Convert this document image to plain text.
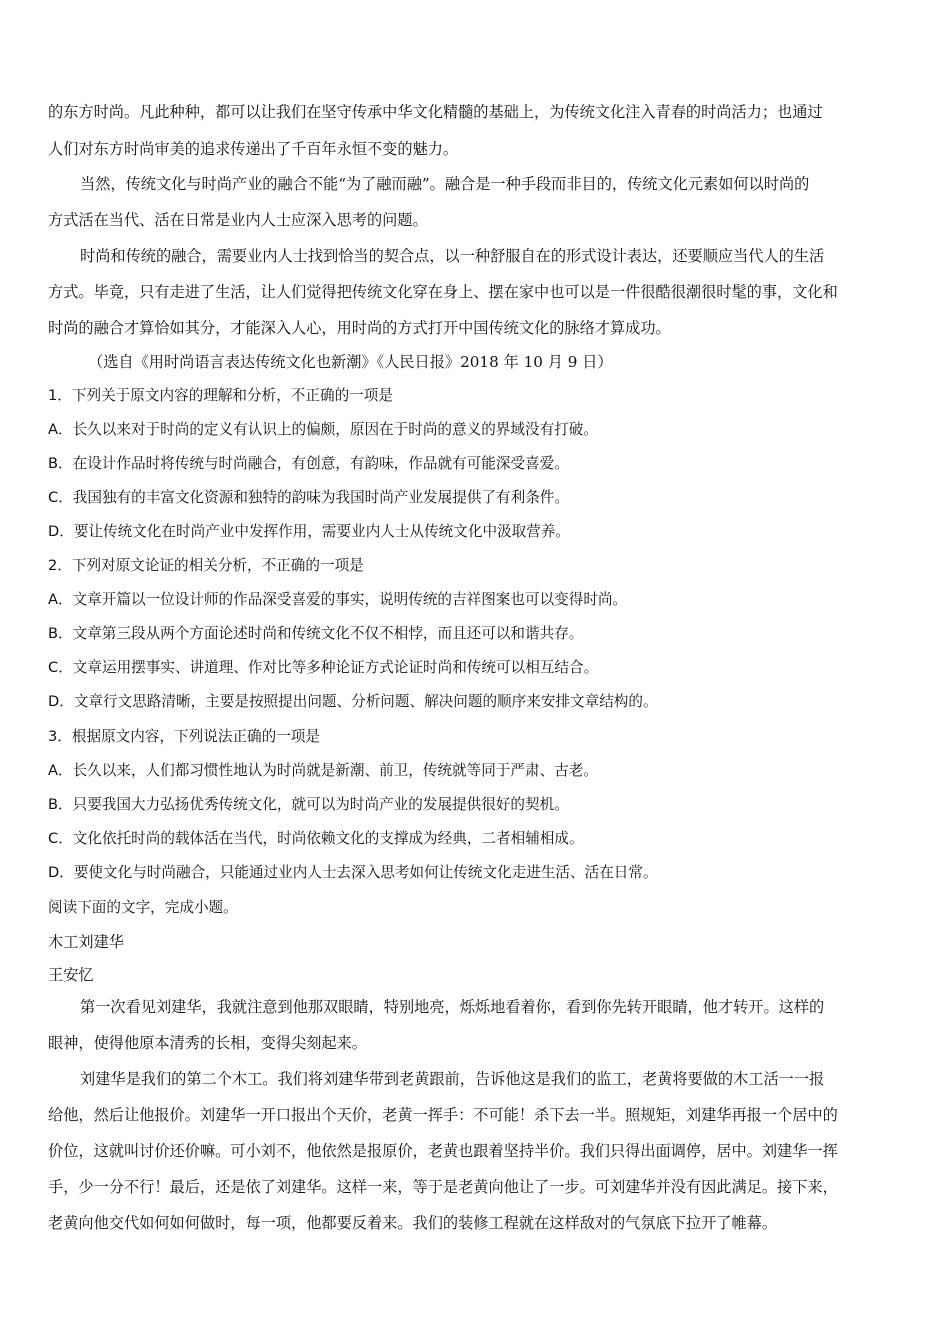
的东方时尚。凡此种种，都可以让我们在坚守传承中华文化精髓的基础上，为传统文化注入青春的时尚活力；也通过
人们对东方时尚审美的追求传递出了千百年永恒不变的魅力。
当然，传统文化与时尚产业的融合不能“为了融而融”。融合是一种手段而非目的，传统文化元素如何以时尚的
方式活在当代、活在日常是业内人士应深入思考的问题。
时尚和传统的融合，需要业内人士找到恰当的契合点，以一种舒服自在的形式设计表达，还要顺应当代人的生活
方式。毕竟，只有走进了生活，让人们觉得把传统文化穿在身上、摆在家中也可以是一件很酷很潮很时髦的事，文化和
时尚的融合才算恰如其分，才能深入人心，用时尚的方式打开中国传统文化的脉络才算成功。
（选自《用时尚语言表达传统文化也新潮》《人民日报》2018 年 10 月 9 日）
1．下列关于原文内容的理解和分析，不正确的一项是
A．长久以来对于时尚的定义有认识上的偏颇，原因在于时尚的意义的界域没有打破。
B．在设计作品时将传统与时尚融合，有创意，有韵味，作品就有可能深受喜爱。
C．我国独有的丰富文化资源和独特的韵味为我国时尚产业发展提供了有利条件。
D．要让传统文化在时尚产业中发挥作用，需要业内人士从传统文化中汲取营养。
2．下列对原文论证的相关分析，不正确的一项是
A．文章开篇以一位设计师的作品深受喜爱的事实，说明传统的吉祥图案也可以变得时尚。
B．文章第三段从两个方面论述时尚和传统文化不仅不相悖，而且还可以和谐共存。
C．文章运用摆事实、讲道理、作对比等多种论证方式论证时尚和传统可以相互结合。
D．文章行文思路清晰，主要是按照提出问题、分析问题、解决问题的顺序来安排文章结构的。
3．根据原文内容，下列说法正确的一项是
A．长久以来，人们都习惯性地认为时尚就是新潮、前卫，传统就等同于严肃、古老。
B．只要我国大力弘扬优秀传统文化，就可以为时尚产业的发展提供很好的契机。
C．文化依托时尚的载体活在当代，时尚依赖文化的支撑成为经典，二者相辅相成。
D．要使文化与时尚融合，只能通过业内人士去深入思考如何让传统文化走进生活、活在日常。
阅读下面的文字，完成小题。
木工刘建华
王安忆
第一次看见刘建华，我就注意到他那双眼睛，特别地亮，烁烁地看着你，看到你先转开眼睛，他才转开。这样的
眼神，使得他原本清秀的长相，变得尖刻起来。
刘建华是我们的第二个木工。我们将刘建华带到老黄跟前，告诉他这是我们的监工，老黄将要做的木工活一一报
给他，然后让他报价。刘建华一开口报出个天价，老黄一挥手：不可能！杀下去一半。照规矩，刘建华再报一个居中的
价位，这就叫讨价还价嘛。可小刘不，他依然是报原价，老黄也跟着坚持半价。我们只得出面调停，居中。刘建华一挥
手，少一分不行！最后，还是依了刘建华。这样一来，等于是老黄向他让了一步。可刘建华并没有因此满足。接下来，
老黄向他交代如何如何做时，每一项，他都要反着来。我们的装修工程就在这样敌对的气氛底下拉开了帷幕。
